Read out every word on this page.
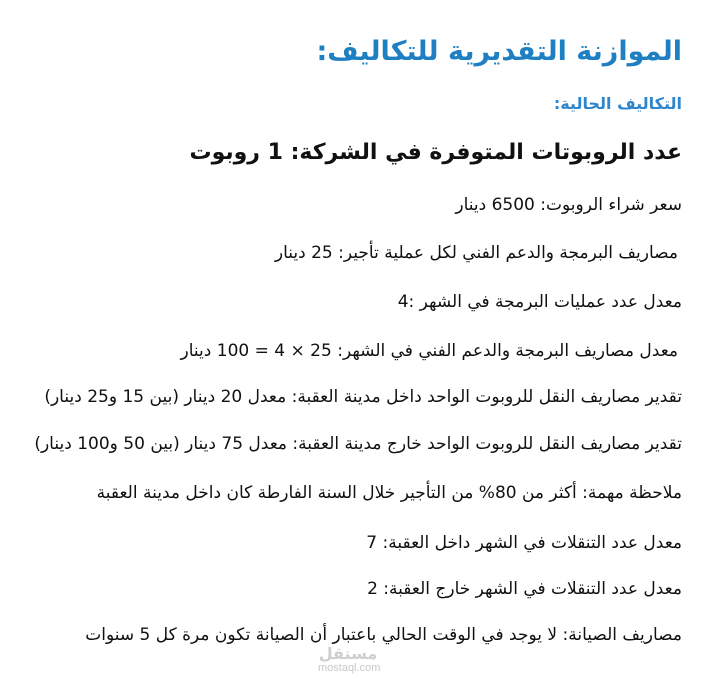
الموازنة التقديرية للتكاليف:
التكاليف الحالية:
عدد الروبوتات المتوفرة في الشركة: 1 روبوت
سعر شراء الروبوت: 6500 دينار
مصاريف البرمجة والدعم الفني لكل عملية تأجير: 25 دينار
معدل عدد عمليات البرمجة في الشهر :4
معدل مصاريف البرمجة والدعم الفني في الشهر: 25 × 4 = 100 دينار
تقدير مصاريف النقل للروبوت الواحد داخل مدينة العقبة: معدل 20 دينار (بين 15 و25 دينار)
تقدير مصاريف النقل للروبوت الواحد خارج مدينة العقبة: معدل 75 دينار (بين 50 و100 دينار)
ملاحظة مهمة: أكثر من 80% من التأجير خلال السنة الفارطة كان داخل مدينة العقبة
معدل عدد التنقلات في الشهر داخل العقبة: 7
معدل عدد التنقلات في الشهر خارج العقبة: 2
مصاريف الصيانة: لا يوجد في الوقت الحالي باعتبار أن الصيانة تكون مرة كل 5 سنوات
مستقل
mostaql.com
